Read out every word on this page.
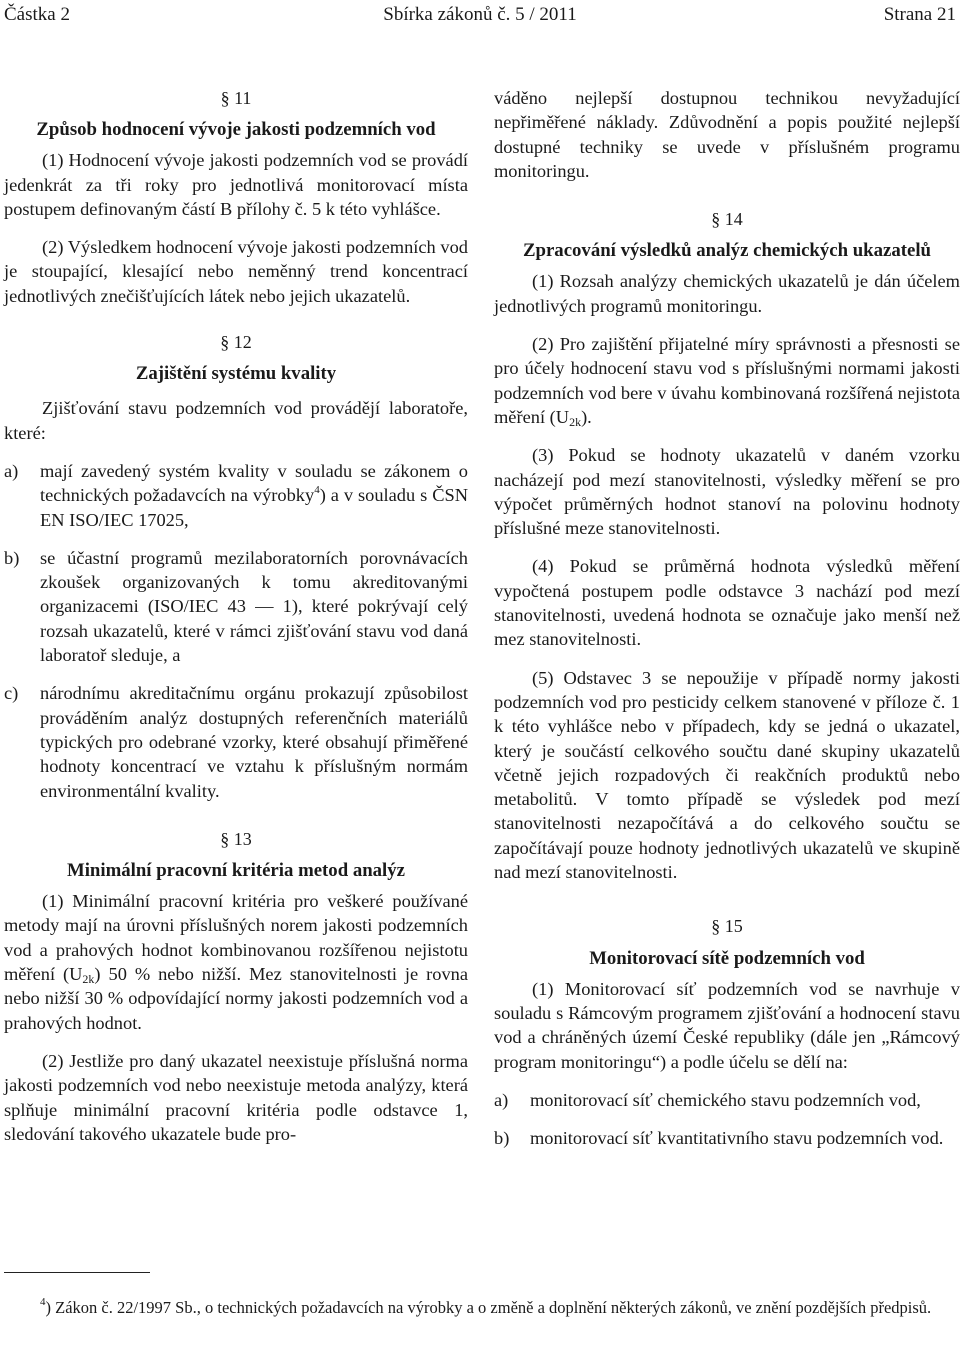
Částka 2	Sbírka zákonů č. 5 / 2011	Strana 21
§ 11
Způsob hodnocení vývoje jakosti podzemních vod

(1) Hodnocení vývoje jakosti podzemních vod se provádí jedenkrát za tři roky pro jednotlivá monitorovací místa postupem definovaným částí B přílohy č. 5 k této vyhlášce.

(2) Výsledkem hodnocení vývoje jakosti podzemních vod je stoupající, klesající nebo neměnný trend koncentrací jednotlivých znečišťujících látek nebo jejich ukazatelů.

§ 12
Zajištění systému kvality

Zjišťování stavu podzemních vod provádějí laboratoře, které:

a)	mají zavedený systém kvality v souladu se zákonem o technických požadavcích na výrobky$^4$) a v souladu s ČSN EN ISO/IEC 17025,
b)	se účastní programů mezilaboratorních porovnávacích zkoušek organizovaných k tomu akreditovanými organizacemi (ISO/IEC 43 — 1), které pokrývají celý rozsah ukazatelů, které v rámci zjišťování stavu vod daná laboratoř sleduje, a
c)	národnímu akreditačnímu orgánu prokazují způsobilost prováděním analýz dostupných referenčních materiálů typických pro odebrané vzorky, které obsahují přiměřené hodnoty koncentrací ve vztahu k příslušným normám environmentální kvality.
§ 13
Minimální pracovní kritéria metod analýz

(1) Minimální pracovní kritéria pro veškeré používané metody mají na úrovni příslušných norem jakosti podzemních vod a prahových hodnot kombinovanou rozšířenou nejistotu měření $(U_{2k})$ 50 % nebo nižší. Mez stanovitelnosti je rovna nebo nižší 30 % odpovídající normy jakosti podzemních vod a prahových hodnot.

(2) Jestliže pro daný ukazatel neexistuje příslušná norma jakosti podzemních vod nebo neexistuje metoda analýzy, která splňuje minimální pracovní kritéria podle odstavce 1, sledování takového ukazatele bude pro-

váděno nejlepší dostupnou technikou nevyžadující nepřiměřené náklady. Zdůvodnění a popis použité nejlepší dostupné techniky se uvede v příslušném programu monitoringu.

§ 14
Zpracování výsledků analýz chemických ukazatelů

(1) Rozsah analýzy chemických ukazatelů je dán účelem jednotlivých programů monitoringu.

(2) Pro zajištění přijatelné míry správnosti a přesnosti se pro účely hodnocení stavu vod s příslušnými normami jakosti podzemních vod bere v úvahu kombinovaná rozšířená nejistota měření $(U_{2k})$.

(3) Pokud se hodnoty ukazatelů v daném vzorku nacházejí pod mezí stanovitelnosti, výsledky měření se pro výpočet průměrných hodnot stanoví na polovinu hodnoty příslušné meze stanovitelnosti.

(4) Pokud se průměrná hodnota výsledků měření vypočtená postupem podle odstavce 3 nachází pod mezí stanovitelnosti, uvedená hodnota se označuje jako menší než mez stanovitelnosti.

(5) Odstavec 3 se nepoužije v případě normy jakosti podzemních vod pro pesticidy celkem stanovené v příloze č. 1 k této vyhlášce nebo v případech, kdy se jedná o ukazatel, který je součástí celkového součtu dané skupiny ukazatelů včetně jejich rozpadových či reakčních produktů nebo metabolitů. V tomto případě se výsledek pod mezí stanovitelnosti nezapočítává a do celkového součtu se započítávají pouze hodnoty jednotlivých ukazatelů ve skupině nad mezí stanovitelnosti.

§ 15
Monitorovací sítě podzemních vod

(1) Monitorovací síť podzemních vod se navrhuje v souladu s Rámcovým programem zjišťování a hodnocení stavu vod a chráněných území České republiky (dále jen „Rámcový program monitoringu“) a podle účelu se dělí na:

a)	monitorovací síť chemického stavu podzemních vod,
b)	monitorovací síť kvantitativního stavu podzemních vod.
$^4$) Zákon č. 22/1997 Sb., o technických požadavcích na výrobky a o změně a doplnění některých zákonů, ve znění pozdějších předpisů.
